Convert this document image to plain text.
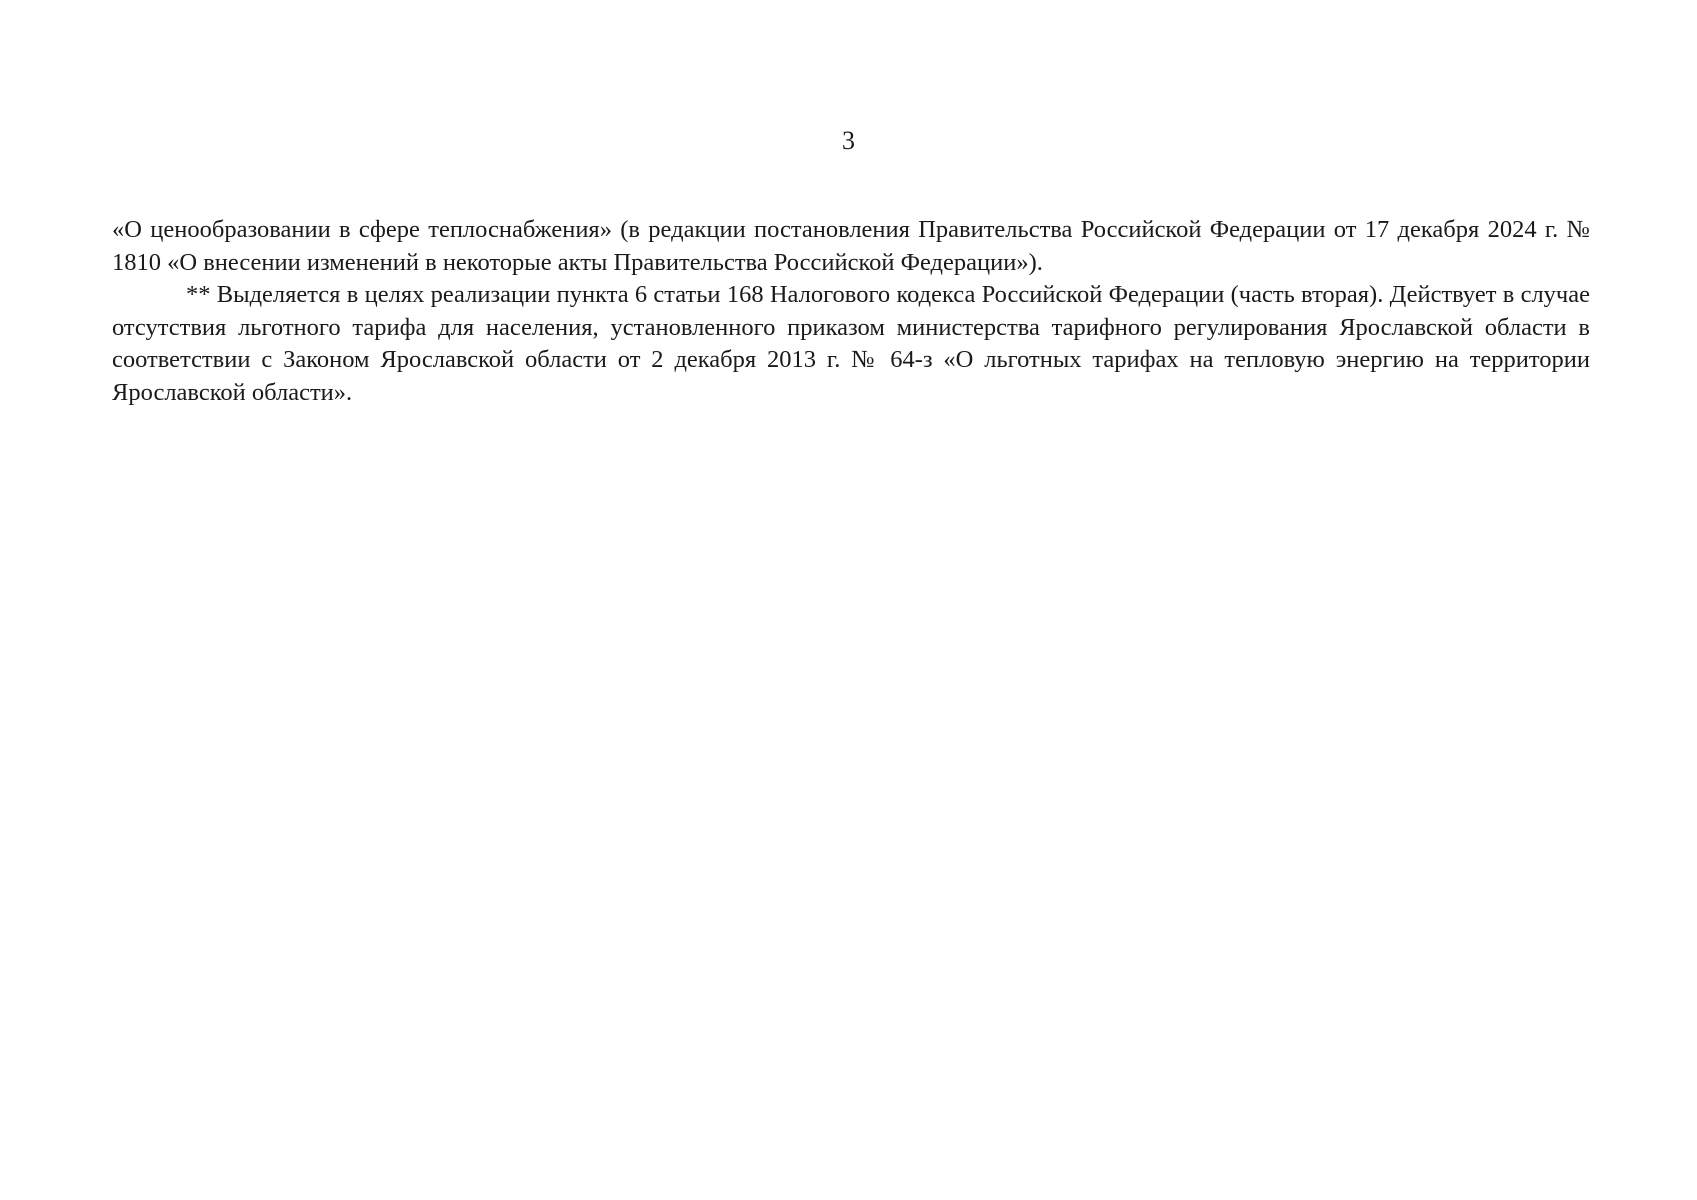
3

«О ценообразовании в сфере теплоснабжения» (в редакции постановления Правительства Российской Федерации от 17 декабря 2024 г. № 1810 «О внесении изменений в некоторые акты Правительства Российской Федерации»).

** Выделяется в целях реализации пункта 6 статьи 168 Налогового кодекса Российской Федерации (часть вторая). Действует в случае отсутствия льготного тарифа для населения, установленного приказом министерства тарифного регулирования Ярославской области в соответствии с Законом Ярославской области от 2 декабря 2013 г. № 64-з «О льготных тарифах на тепловую энергию на территории Ярославской области».
